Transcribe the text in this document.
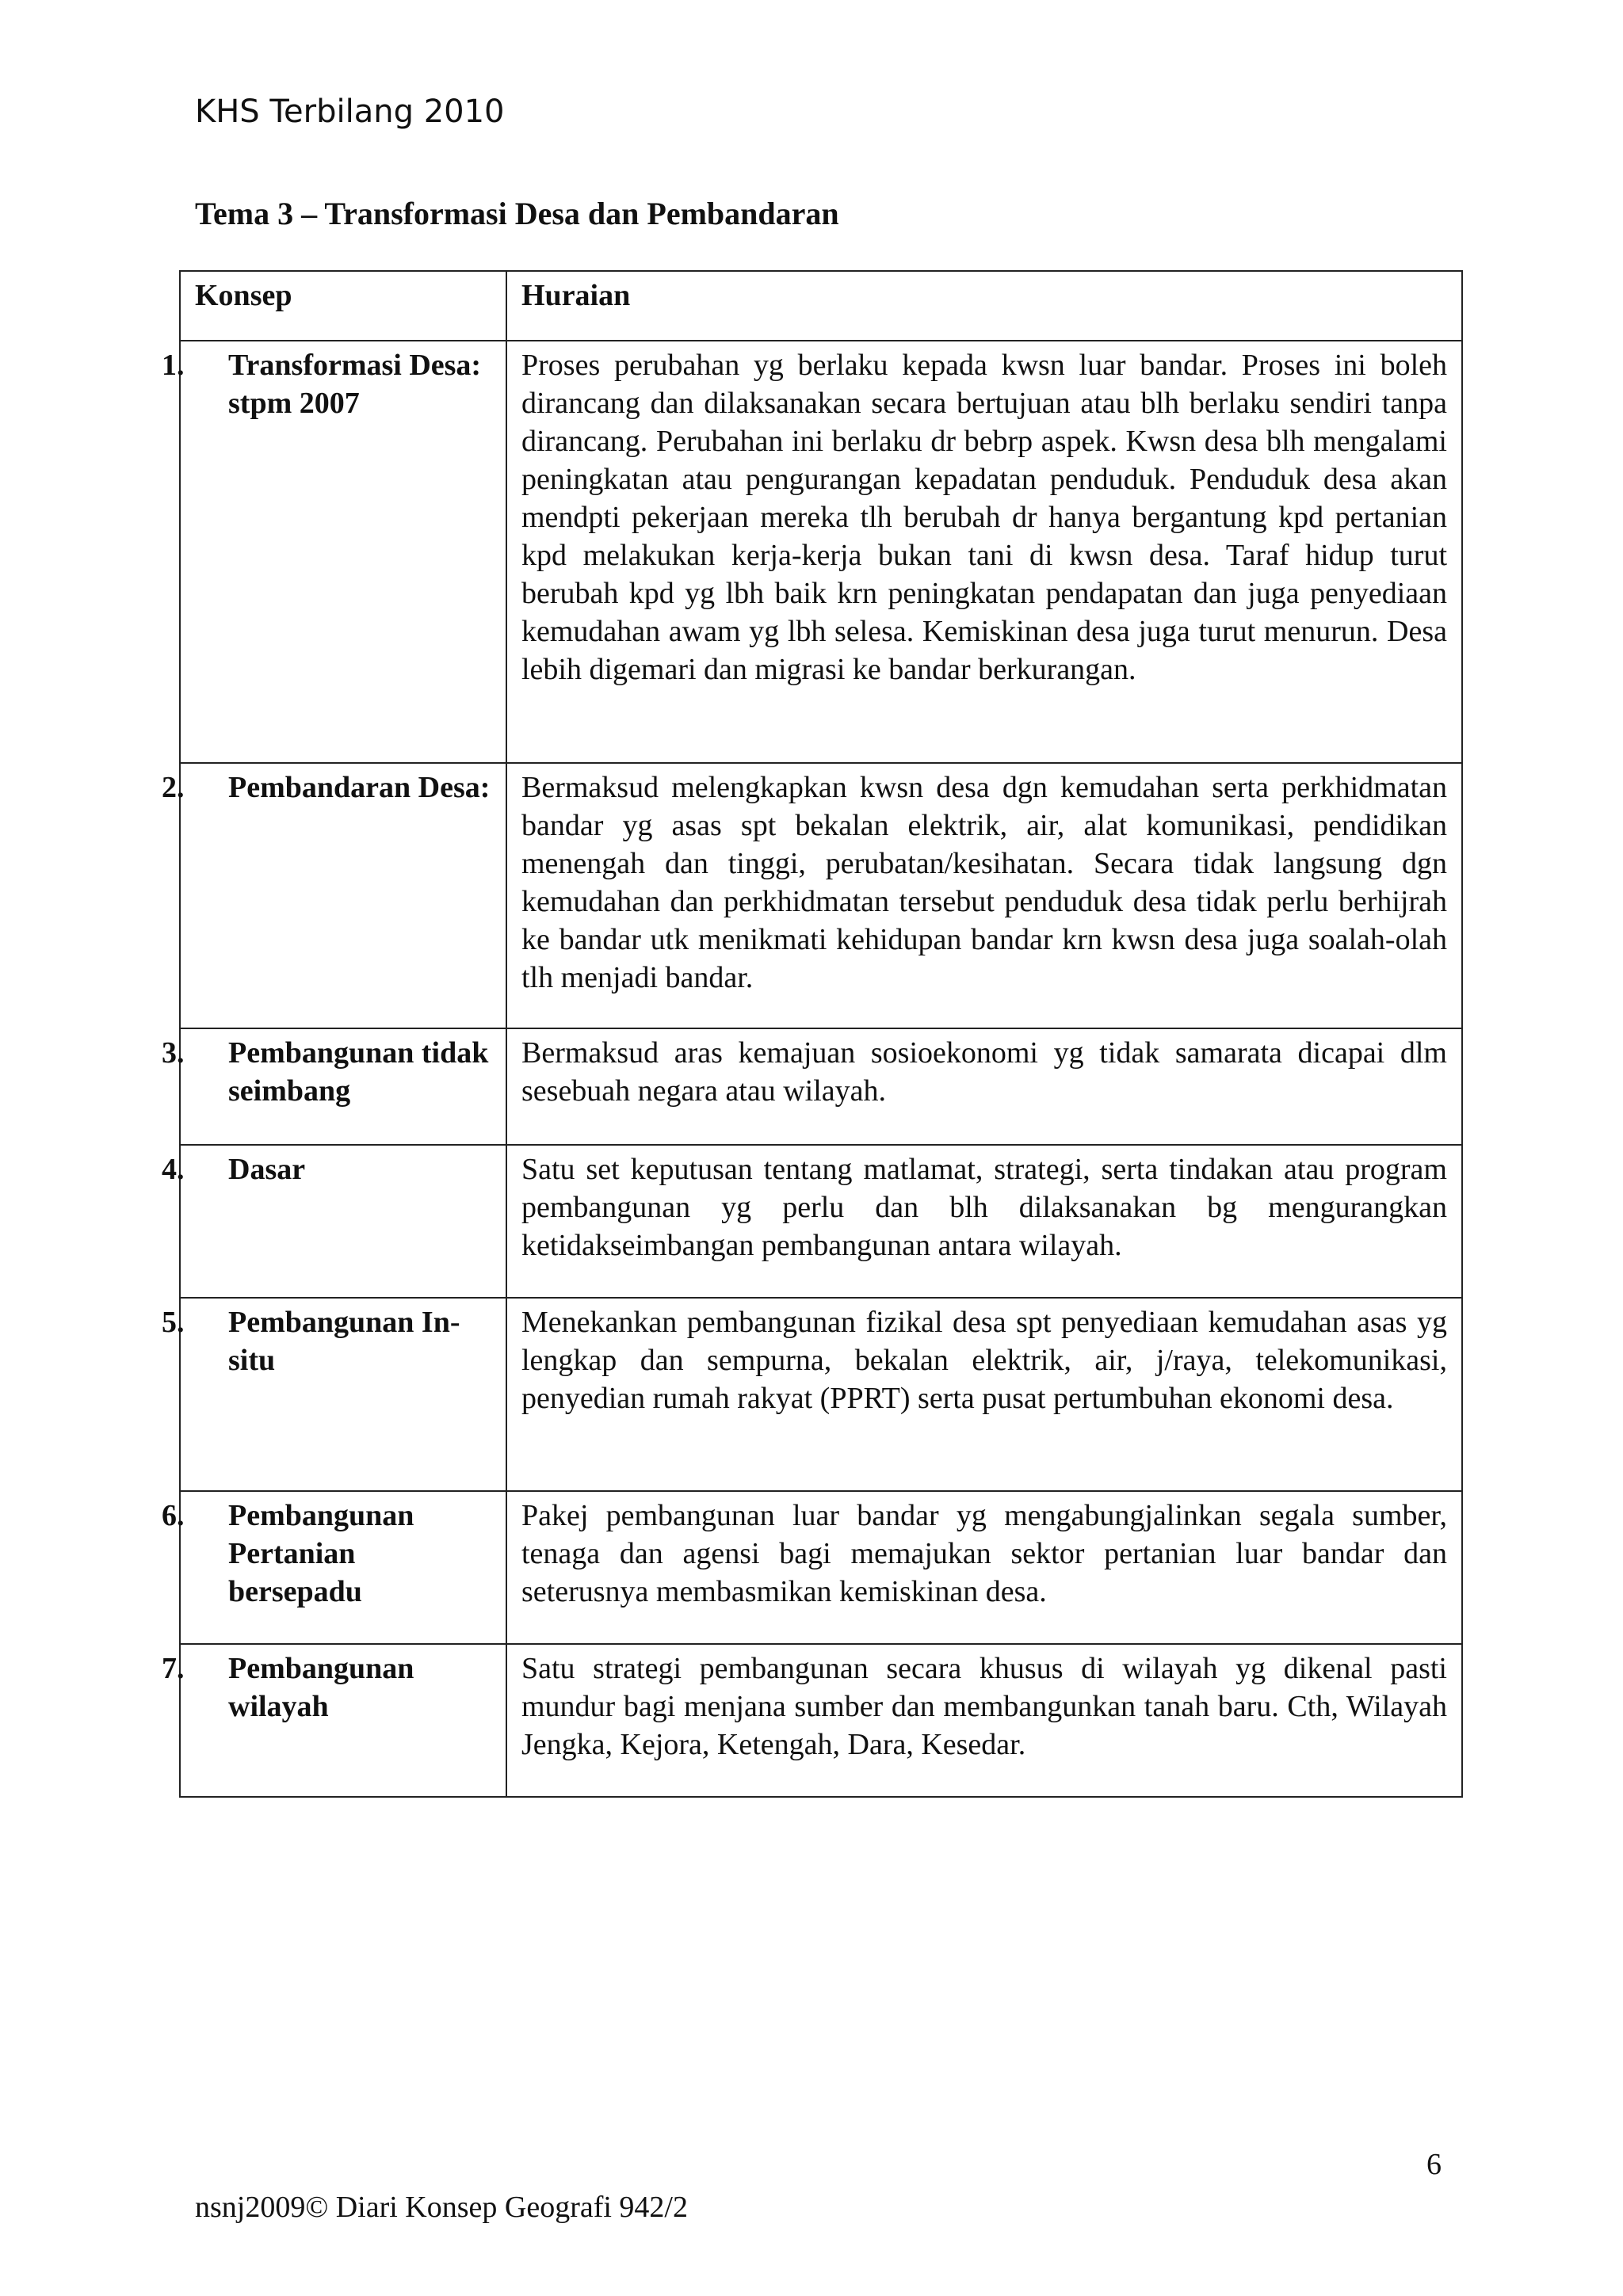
KHS Terbilang 2010
Tema 3 – Transformasi Desa dan Pembandaran
Konsep	Huraian

1. Transformasi Desa: stpm 2007	Proses perubahan yg berlaku kepada kwsn luar bandar. Proses ini boleh dirancang dan dilaksanakan secara bertujuan atau blh berlaku sendiri tanpa dirancang. Perubahan ini berlaku dr bebrp aspek. Kwsn desa blh mengalami peningkatan atau pengurangan kepadatan penduduk. Penduduk desa akan mendpti pekerjaan mereka tlh berubah dr hanya bergantung kpd pertanian kpd melakukan kerja-kerja bukan tani di kwsn desa. Taraf hidup turut berubah kpd yg lbh baik krn peningkatan pendapatan dan juga penyediaan kemudahan awam yg lbh selesa. Kemiskinan desa juga turut menurun. Desa lebih digemari dan migrasi ke bandar berkurangan.

2. Pembandaran Desa:	Bermaksud melengkapkan kwsn desa dgn kemudahan serta perkhidmatan bandar yg asas spt bekalan elektrik, air, alat komunikasi, pendidikan menengah dan tinggi, perubatan/kesihatan. Secara tidak langsung dgn kemudahan dan perkhidmatan tersebut penduduk desa tidak perlu berhijrah ke bandar utk menikmati kehidupan bandar krn kwsn desa juga soalah-olah tlh menjadi bandar.

3. Pembangunan tidak seimbang	Bermaksud aras kemajuan sosioekonomi yg tidak samarata dicapai dlm sesebuah negara atau wilayah.

4. Dasar	Satu set keputusan tentang matlamat, strategi, serta tindakan atau program pembangunan yg perlu dan blh dilaksanakan bg mengurangkan ketidakseimbangan pembangunan antara wilayah.

5. Pembangunan In-situ	Menekankan pembangunan fizikal desa spt penyediaan kemudahan asas yg lengkap dan sempurna, bekalan elektrik, air, j/raya, telekomunikasi, penyedian rumah rakyat (PPRT) serta pusat pertumbuhan ekonomi desa.

6. Pembangunan Pertanian bersepadu	Pakej pembangunan luar bandar yg mengabungjalinkan segala sumber, tenaga dan agensi bagi memajukan sektor pertanian luar bandar dan seterusnya membasmikan kemiskinan desa.

7. Pembangunan wilayah	Satu strategi pembangunan secara khusus di wilayah yg dikenal pasti mundur bagi menjana sumber dan membangunkan tanah baru. Cth, Wilayah Jengka, Kejora, Ketengah, Dara, Kesedar.
6
nsnj2009© Diari Konsep Geografi 942/2
